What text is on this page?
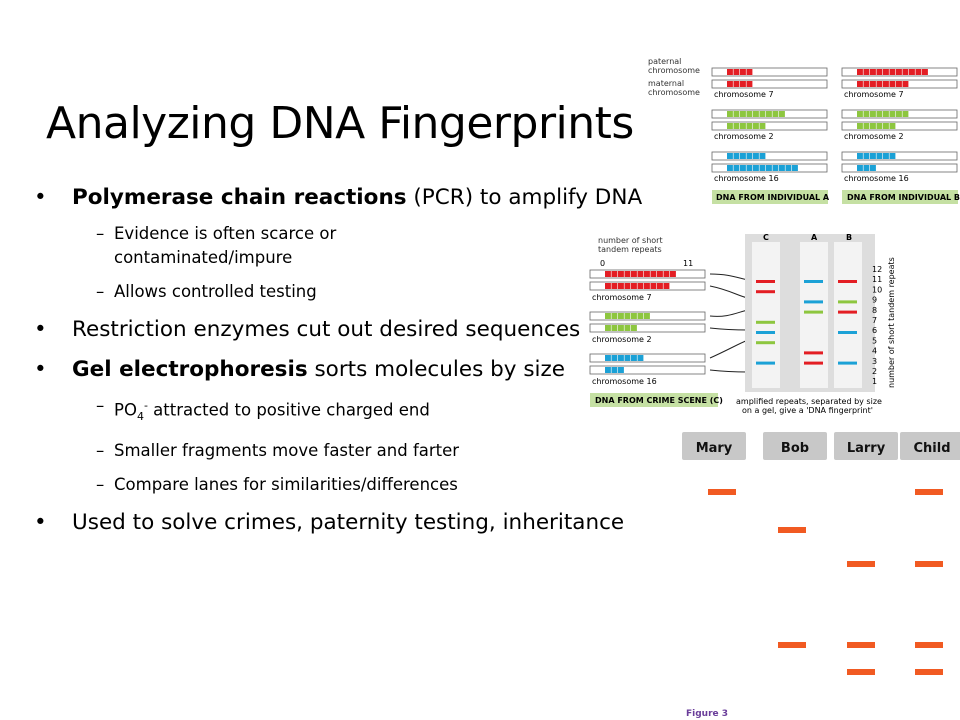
Analyzing DNA Fingerprints
• Polymerase chain reactions (PCR) to amplify DNA
– Evidence is often scarce or contaminated/impure
– Allows controlled testing
• Restriction enzymes cut out desired sequences
• Gel electrophoresis sorts molecules by size
– $PO_4^-$ attracted to positive charged end
– Smaller fragments move faster and farter
– Compare lanes for similarities/differences
• Used to solve crimes, paternity testing, inheritance
paternal
chromosome
maternal
chromosome chromosome 7
chromosome 2
chromosome 16
chromosome 7
chromosome 2
chromosome 16
DNA FROM INDIVIDUAL A DNA FROM INDIVIDUAL B
number of short
tandem repeats
0	11
chromosome 7
chromosome 2
chromosome 16
DNA FROM CRIME SCENE (C)
C	A	B
12
11
10
9
8
7
6
5
4
3
2
1 number of short tandem repeats
amplified repeats, separated by size
on a gel, give a 'DNA fingerprint'
Mary	Bob	Larry Child
Figure 3
